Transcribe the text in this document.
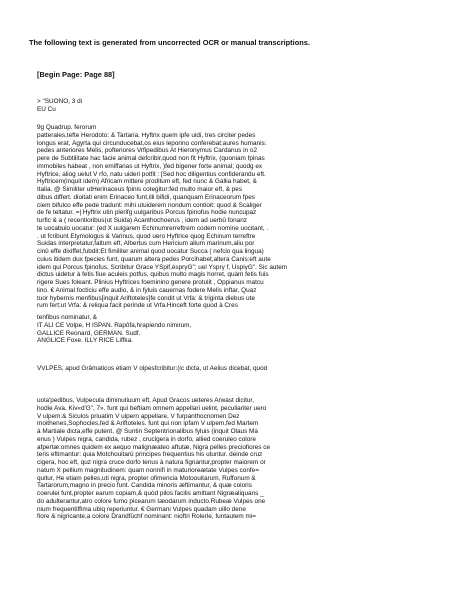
The following text is generated from uncorrected OCR or manual transcriptions.
[Begin Page: Page 88]
> "SUONO, 3 di
EU Cu
9g Quadrup. ferorum
patterales,tefte Herodoto: & Tartaria. Hyftrix quem ipfe uidi, tres circiter pedes
longus erat, Ágyrta qui circunducebat,os eius leporino conferebat;aures humanis:
pedes anteriores Melis, pofteriores Vrfipedibus At Hieronymus Cardanus in o2
pere de Subtilitate hac facie animal defcribir,quod non fit Hyftrix, (quoniam fpinas
immobiles habeat , non emiffarias ut Hyftrix, )fed bigener forte animal; quodg ex
Hyftrice, aliog uelut V rfo, natu uideri potfit : [Sed hoc diligentius confiderandu eft.
Hyftricem(inquit idem) Africam mittere proditum eft, fed nunc & Gallia habet, &
Italia. @ Similiter utHerinaceus fpinis cotegitur:fed multo maior eft, & pes
dibus differt. dioitati enim Erinaceo funt,illi bifidi, quanquam Erinaceorum fpes
ciem bifulco effe pede tradunt: mihi utuiderem nondum contioit: quod & Scaliger
de fe teltatur. =| Hyftrix utin plerifg uulgaribus Porcus fpinofus hodie nuncupaz
turfic & a ( recentioribus(ut Suida) Acanthochoerus , idem ad uerbû fonanz
te uocabulo uocatur: (ed X uulgarem Echinumrerreftrem codem nomine uocitant, .
. ut fcribunt Etymologus & Varinus, quod uero Hyftrice quog Echinum terreftre
Suidas interpretatur,faltum eft, Albertus cum Hericium alium marinum,aliu por
cinû effe dixiffet,fubdit:Et fimiliter animal quod uocatur Succa ( nefcio qua lingua)
cuius itidem dux fpecies funt, quarum altera pedes Porcihabet,altera Canis:eft aute
idem qui Porcus fpinofus, Scribitur Grace YSpif,ésprγG"; uel Ysprγ f, UspiγG". Sic autem
dictus uidetur à fetis fiue aculeis potfus, quibus multo magis horret, quàm fetis fuis
rigere Sues foleant. Plinius Hyftrices foeminino genere protulit , Oppianus matcu
lino. € Animal focticiu effe audio, & in fyluis cauernas fodere Melis inftar, Quaz
tuor hybernis menfibus[inquit Ariftoteles]fe condit ut Vrfa: & triginta diebus ute
rum fert;ut Vrfa: & reliqua facit perinde ut Vrfa.Hinceft forte quod à Cres
tenfibus nominatur, &
IT ALI CE Volpe, H ISPAN. Rapôfa,hrapiendo nimirum,
GALLICE Reonard, GERMAN. Sudf.
ANGLICE Foxe. ILLY RICE Liffka.
VVLPES, apud Grâmaticos etiam V olpesfcribitur:(ic dicta, ut Aelius dicebat, quod
uola'pedibus, Vulpecula diminutiuum eft, Apud Gracos ueteres Arwast dicitur,
hodie Ava. Kiv«d'G", 7». funt qui beftiam omnem appellari uelint, peculiariter uero
V ulpem:& Siculos priuatim V ulpern appellare, V furpanthocnomen Dez
moithenes,Sophocles,fed & Ariftoteles. funt qui non ipfam V ulpem,fed Martem
à Martiale dicta,effe putent. @ Suntin Septentrionalibus fyluis (inquit Olaus Ma
enus ) Vulpes nigra, candida, rubez , crucigera in dorfo, allied coeruleo colore
afpertæ:omnes quidem ex aequo malignæateo aftutæ, Nigra pelles preciofiores ce
teris eftimantur: quia Motchouitarû principes frequentius his utuntur. deinde cruz
cigera, hoc eft, quz nigra cruce dorfo tenus à natura fignantur,propter maiorem or
natum X pellium magnitudinem: quam nonnifi in maturioreætate Vulpes confe=
quitur, He etiam pelles,uti nigra, propter ofimencia Motoouitarum, Ruffonum &
Tartarorum,magno in precio funt. Candida minoris æftimantur, & quæ coloris
coerulei funt,propter earum copiam,& quòd pilos facilis amittant Nigræaliquans _
do adulterantur,atro colore fumo picearum tæodarum inducto.Rubeæ Vulpes one
nium frequentiffima ubiq reperiuntur. € Germani Vulpes quadam uillo dene
fiore & nigricante,a colore Drandfüchf nominant: nioftri Rolerle, funtautem mi=
